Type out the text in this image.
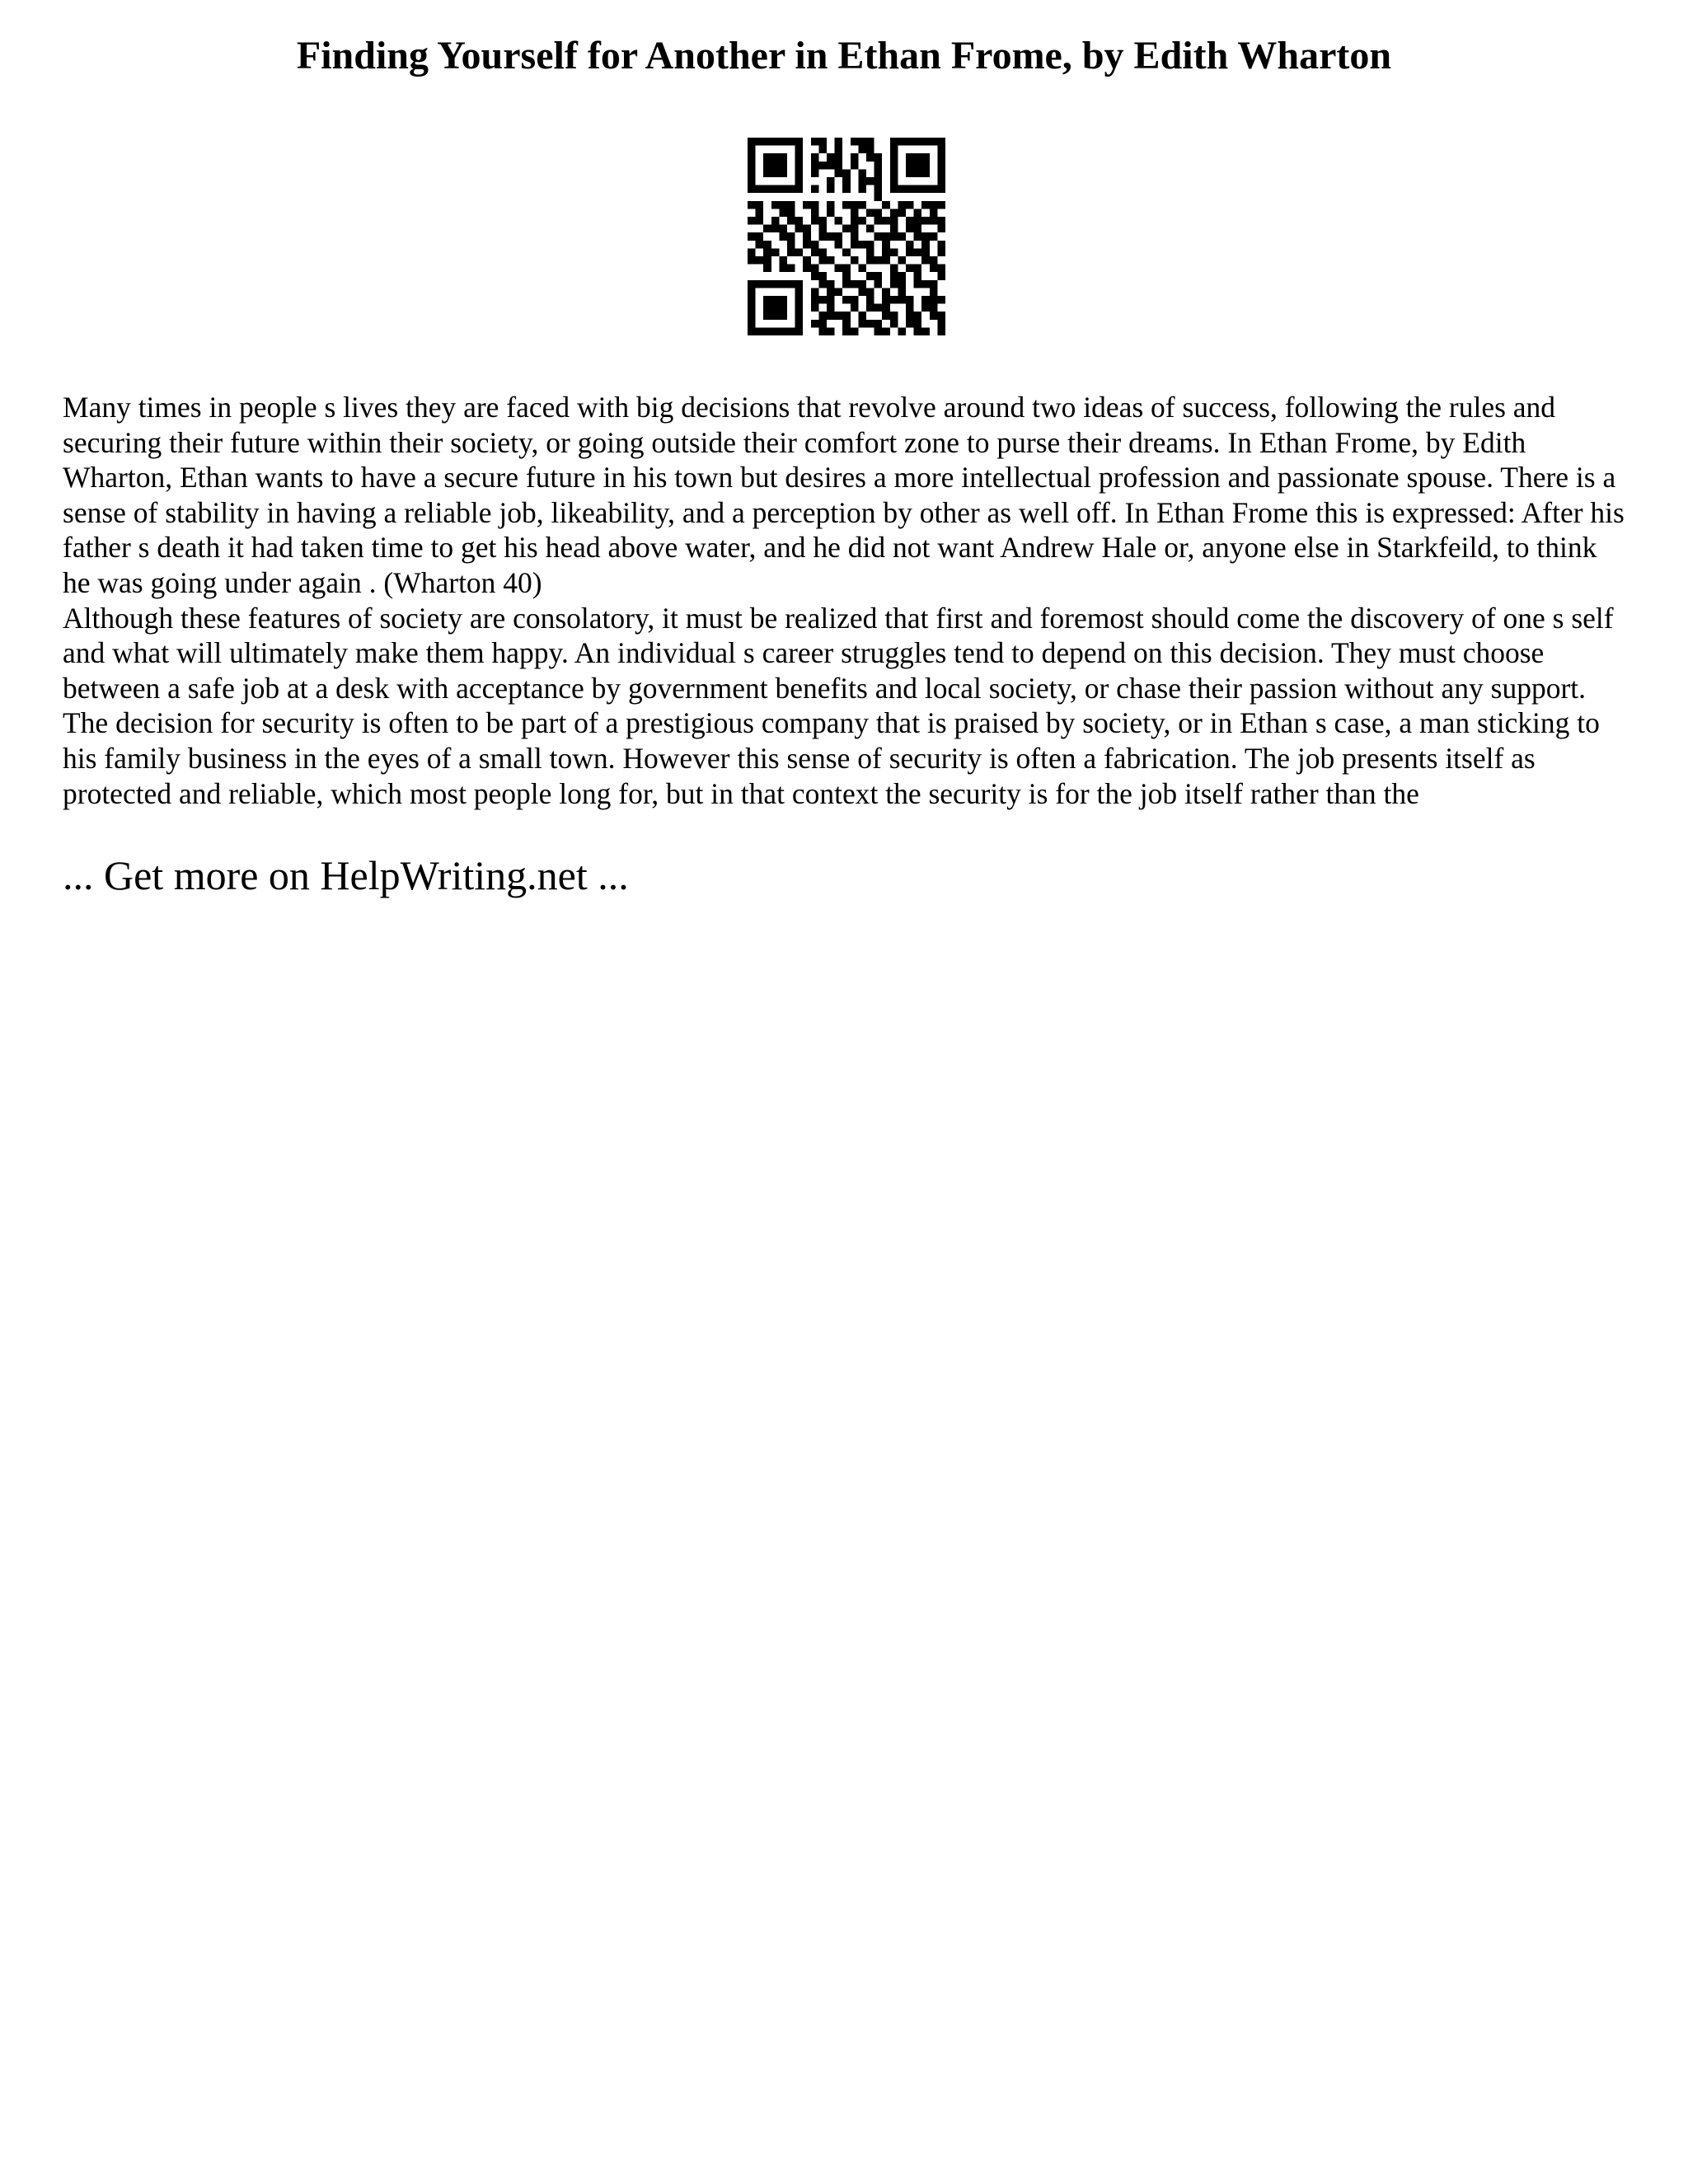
Finding Yourself for Another in Ethan Frome, by Edith Wharton

Many times in people s lives they are faced with big decisions that revolve around two ideas of success, following the rules and securing their future within their society, or going outside their comfort zone to purse their dreams. In Ethan Frome, by Edith Wharton, Ethan wants to have a secure future in his town but desires a more intellectual profession and passionate spouse. There is a sense of stability in having a reliable job, likeability, and a perception by other as well off. In Ethan Frome this is expressed: After his father s death it had taken time to get his head above water, and he did not want Andrew Hale or, anyone else in Starkfeild, to think he was going under again . (Wharton 40)

Although these features of society are consolatory, it must be realized that first and foremost should come the discovery of one s self and what will ultimately make them happy. An individual s career struggles tend to depend on this decision. They must choose between a safe job at a desk with acceptance by government benefits and local society, or chase their passion without any support. The decision for security is often to be part of a prestigious company that is praised by society, or in Ethan s case, a man sticking to his family business in the eyes of a small town. However this sense of security is often a fabrication. The job presents itself as protected and reliable, which most people long for, but in that context the security is for the job itself rather than the

... Get more on HelpWriting.net ...
